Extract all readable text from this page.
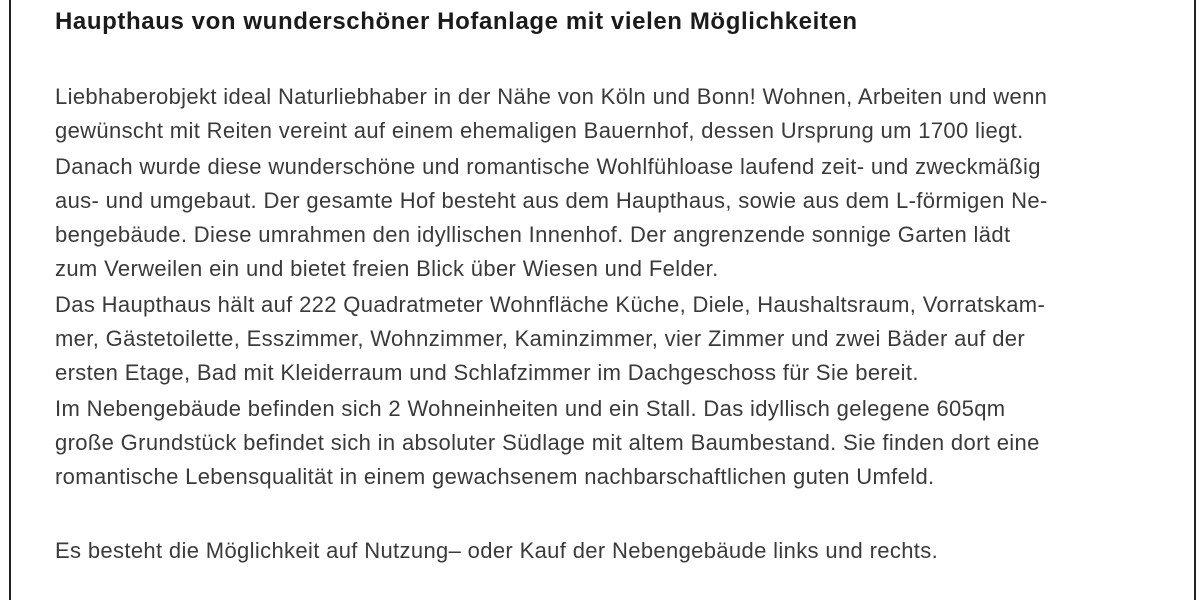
Haupthaus von wunderschöner Hofanlage mit vielen Möglichkeiten
Liebhaberobjekt ideal Naturliebhaber in der Nähe von Köln und Bonn! Wohnen, Arbeiten und wenn
gewünscht mit Reiten vereint auf einem ehemaligen Bauernhof, dessen Ursprung um 1700 liegt.
Danach wurde diese wunderschöne und romantische Wohlfühloase laufend zeit- und zweckmäßig
aus- und umgebaut. Der gesamte Hof besteht aus dem Haupthaus, sowie aus dem L-förmigen Ne-
bengebäude. Diese umrahmen den idyllischen Innenhof. Der angrenzende sonnige Garten lädt
zum Verweilen ein und bietet freien Blick über Wiesen und Felder.
Das Haupthaus hält auf 222 Quadratmeter Wohnfläche Küche, Diele, Haushaltsraum, Vorratskam-
mer, Gästetoilette, Esszimmer, Wohnzimmer, Kaminzimmer, vier Zimmer und zwei Bäder auf der
ersten Etage, Bad mit Kleiderraum und Schlafzimmer im Dachgeschoss für Sie bereit.
Im Nebengebäude befinden sich 2 Wohneinheiten und ein Stall. Das idyllisch gelegene 605qm
große Grundstück befindet sich in absoluter Südlage mit altem Baumbestand. Sie finden dort eine
romantische Lebensqualität in einem gewachsenem nachbarschaftlichen guten Umfeld.
Es besteht die Möglichkeit auf Nutzung– oder Kauf der Nebengebäude links und rechts.
